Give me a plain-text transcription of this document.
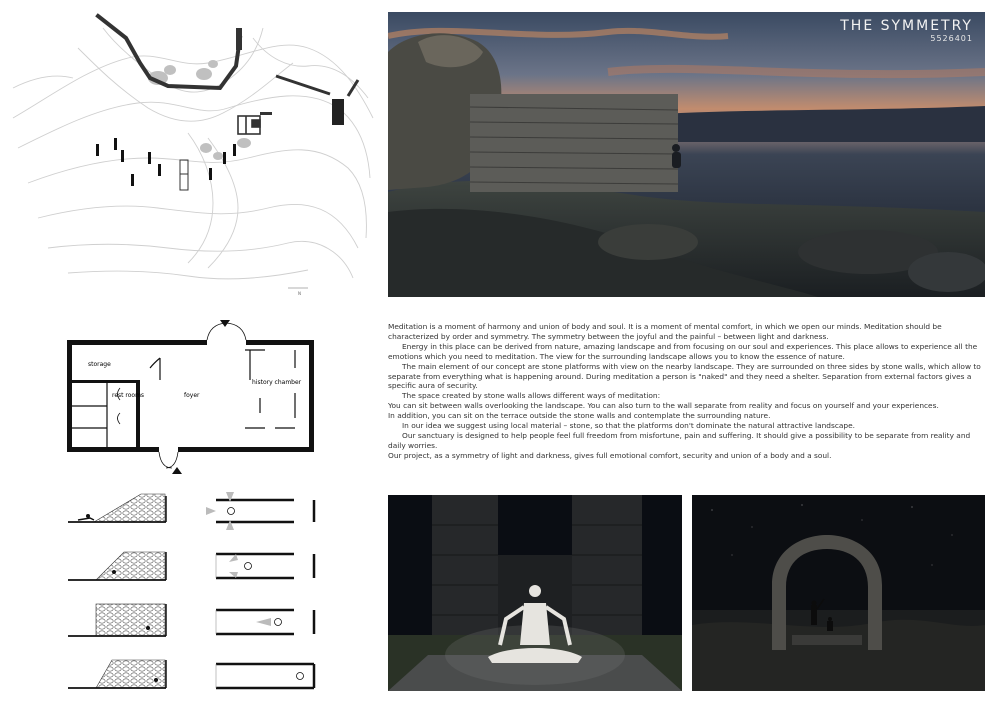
N
THE SYMMETRY
5526401
storage
rest rooms	foyer
history chamber

Meditation is a moment of harmony and union of body and soul. It is a moment of mental comfort, in which we open our minds. Meditation should be characterized by order and symmetry. The symmetry between the joyful and the painful – between light and darkness.

Energy in this place can be derived from nature, amazing landscape and from focusing on our soul and experiences. This place allows to experience all the emotions which you need to meditation. The view for the surrounding landscape allows you to know the essence of nature.

The main element of our concept are stone platforms with view on the nearby landscape. They are surrounded on three sides by stone walls, which allow to separate from everything what is happening around. During meditation a person is "naked" and they need a shelter. Separation from external factors gives a specific aura of security.

The space created by stone walls allows different ways of meditation:

You can sit between walls overlooking the landscape. You can also turn to the wall separate from reality and focus on yourself and your experiences.

In addition, you can sit on the terrace outside the stone walls and contemplate the surrounding nature.

In our idea we suggest using local material – stone, so that the platforms don't dominate the natural attractive landscape.

Our sanctuary is designed to help people feel full freedom from misfortune, pain and suffering. It should give a possibility to be separate from reality and daily worries.

Our project, as a symmetry of light and darkness, gives full emotional comfort, security and union of a body and a soul.
